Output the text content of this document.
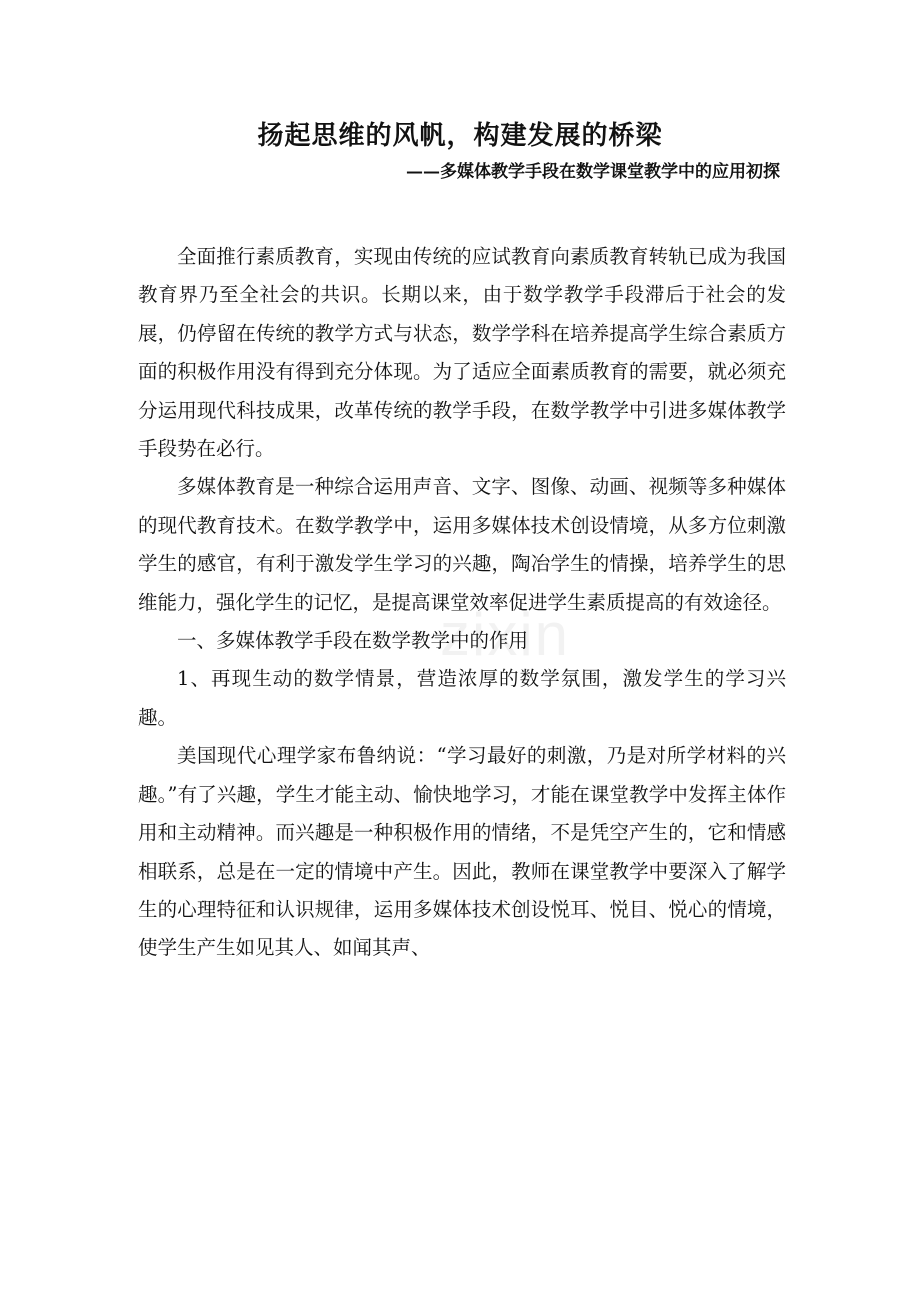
扬起思维的风帆，构建发展的桥梁
——多媒体教学手段在数学课堂教学中的应用初探
zixin

全面推行素质教育，实现由传统的应试教育向素质教育转轨已成为我国教育界乃至全社会的共识。长期以来，由于数学教学手段滞后于社会的发展，仍停留在传统的教学方式与状态，数学学科在培养提高学生综合素质方面的积极作用没有得到充分体现。为了适应全面素质教育的需要，就必须充分运用现代科技成果，改革传统的教学手段，在数学教学中引进多媒体教学手段势在必行。

多媒体教育是一种综合运用声音、文字、图像、动画、视频等多种媒体的现代教育技术。在数学教学中，运用多媒体技术创设情境，从多方位刺激学生的感官，有利于激发学生学习的兴趣，陶冶学生的情操，培养学生的思维能力，强化学生的记忆，是提高课堂效率促进学生素质提高的有效途径。

一、多媒体教学手段在数学教学中的作用

1、再现生动的数学情景，营造浓厚的数学氛围，激发学生的学习兴趣。

美国现代心理学家布鲁纳说：“学习最好的刺激，乃是对所学材料的兴趣。”有了兴趣，学生才能主动、愉快地学习，才能在课堂教学中发挥主体作用和主动精神。而兴趣是一种积极作用的情绪，不是凭空产生的，它和情感相联系，总是在一定的情境中产生。因此，教师在课堂教学中要深入了解学生的心理特征和认识规律，运用多媒体技术创设悦耳、悦目、悦心的情境，使学生产生如见其人、如闻其声、
